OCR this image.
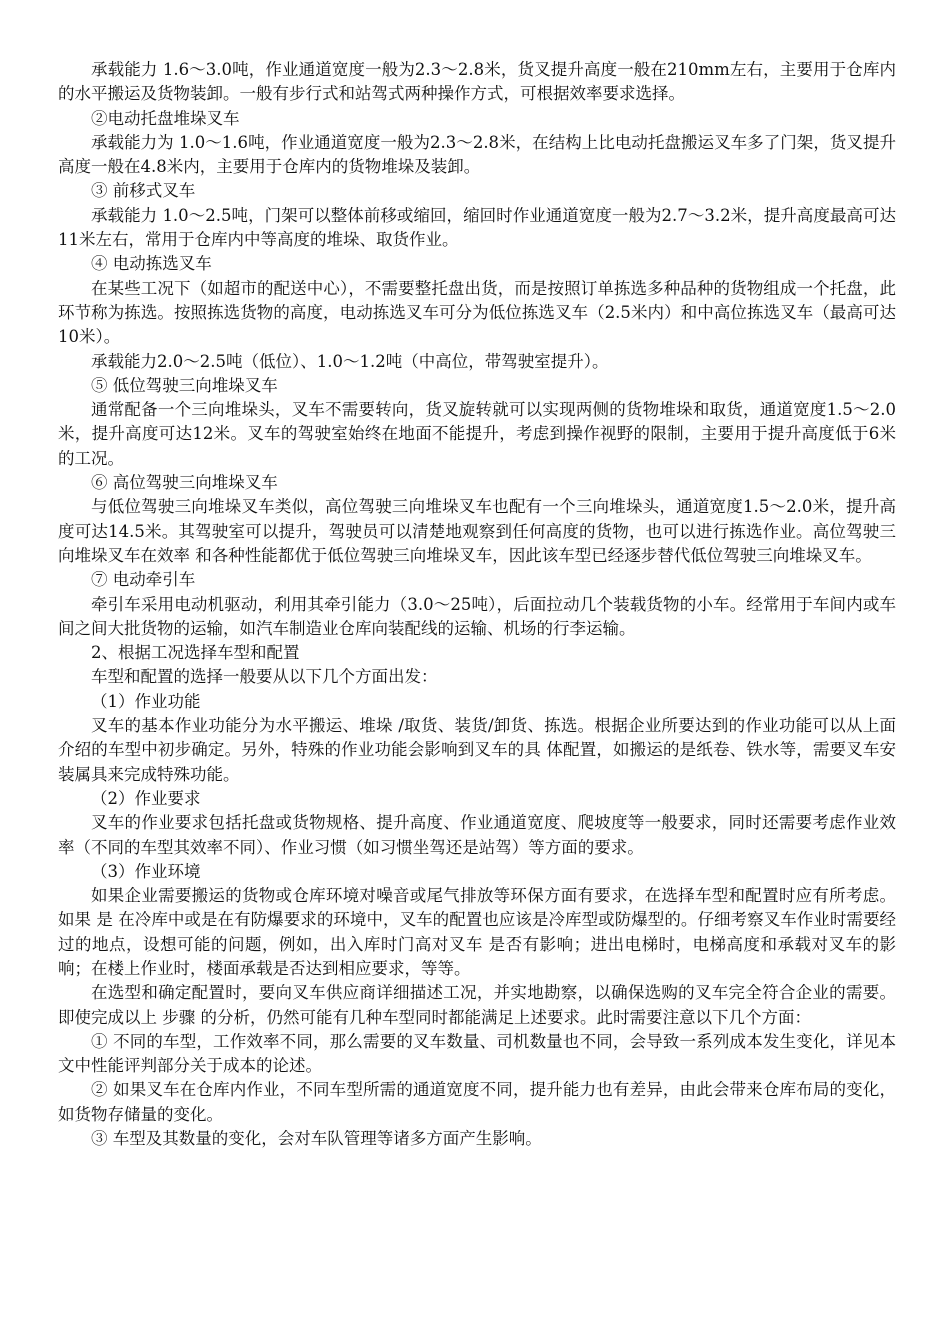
承载能力 1.6～3.0吨，作业通道宽度一般为2.3～2.8米，货叉提升高度一般在210mm左右，主要用于仓库内的水平搬运及货物装卸。一般有步行式和站驾式两种操作方式，可根据效率要求选择。

②电动托盘堆垛叉车

承载能力为 1.0～1.6吨，作业通道宽度一般为2.3～2.8米，在结构上比电动托盘搬运叉车多了门架，货叉提升高度一般在4.8米内，主要用于仓库内的货物堆垛及装卸。

③ 前移式叉车

承载能力 1.0～2.5吨，门架可以整体前移或缩回，缩回时作业通道宽度一般为2.7～3.2米，提升高度最高可达11米左右，常用于仓库内中等高度的堆垛、取货作业。

④ 电动拣选叉车

在某些工况下（如超市的配送中心），不需要整托盘出货，而是按照订单拣选多种品种的货物组成一个托盘，此环节称为拣选。按照拣选货物的高度，电动拣选叉车可分为低位拣选叉车（2.5米内）和中高位拣选叉车（最高可达10米）。

承载能力2.0～2.5吨（低位）、1.0～1.2吨（中高位，带驾驶室提升）。

⑤ 低位驾驶三向堆垛叉车

通常配备一个三向堆垛头，叉车不需要转向，货叉旋转就可以实现两侧的货物堆垛和取货，通道宽度1.5～2.0米，提升高度可达12米。叉车的驾驶室始终在地面不能提升，考虑到操作视野的限制，主要用于提升高度低于6米的工况。

⑥ 高位驾驶三向堆垛叉车

与低位驾驶三向堆垛叉车类似，高位驾驶三向堆垛叉车也配有一个三向堆垛头，通道宽度1.5～2.0米，提升高度可达14.5米。其驾驶室可以提升，驾驶员可以清楚地观察到任何高度的货物，也可以进行拣选作业。高位驾驶三向堆垛叉车在效率 和各种性能都优于低位驾驶三向堆垛叉车，因此该车型已经逐步替代低位驾驶三向堆垛叉车。

⑦ 电动牵引车

牵引车采用电动机驱动，利用其牵引能力（3.0～25吨），后面拉动几个装载货物的小车。经常用于车间内或车间之间大批货物的运输，如汽车制造业仓库向装配线的运输、机场的行李运输。

2、根据工况选择车型和配置

车型和配置的选择一般要从以下几个方面出发：

（1）作业功能

叉车的基本作业功能分为水平搬运、堆垛 /取货、装货/卸货、拣选。根据企业所要达到的作业功能可以从上面介绍的车型中初步确定。另外，特殊的作业功能会影响到叉车的具 体配置，如搬运的是纸卷、铁水等，需要叉车安装属具来完成特殊功能。

（2）作业要求

叉车的作业要求包括托盘或货物规格、提升高度、作业通道宽度、爬坡度等一般要求，同时还需要考虑作业效率（不同的车型其效率不同）、作业习惯（如习惯坐驾还是站驾）等方面的要求。

（3）作业环境

如果企业需要搬运的货物或仓库环境对噪音或尾气排放等环保方面有要求，在选择车型和配置时应有所考虑。如果 是 在冷库中或是在有防爆要求的环境中，叉车的配置也应该是冷库型或防爆型的。仔细考察叉车作业时需要经过的地点，设想可能的问题，例如，出入库时门高对叉车 是否有影响；进出电梯时，电梯高度和承载对叉车的影响；在楼上作业时，楼面承载是否达到相应要求，等等。

在选型和确定配置时，要向叉车供应商详细描述工况，并实地勘察，以确保选购的叉车完全符合企业的需要。即使完成以上 步骤 的分析，仍然可能有几种车型同时都能满足上述要求。此时需要注意以下几个方面：

① 不同的车型，工作效率不同，那么需要的叉车数量、司机数量也不同，会导致一系列成本发生变化，详见本文中性能评判部分关于成本的论述。

② 如果叉车在仓库内作业，不同车型所需的通道宽度不同，提升能力也有差异，由此会带来仓库布局的变化，如货物存储量的变化。

③ 车型及其数量的变化，会对车队管理等诸多方面产生影响。
